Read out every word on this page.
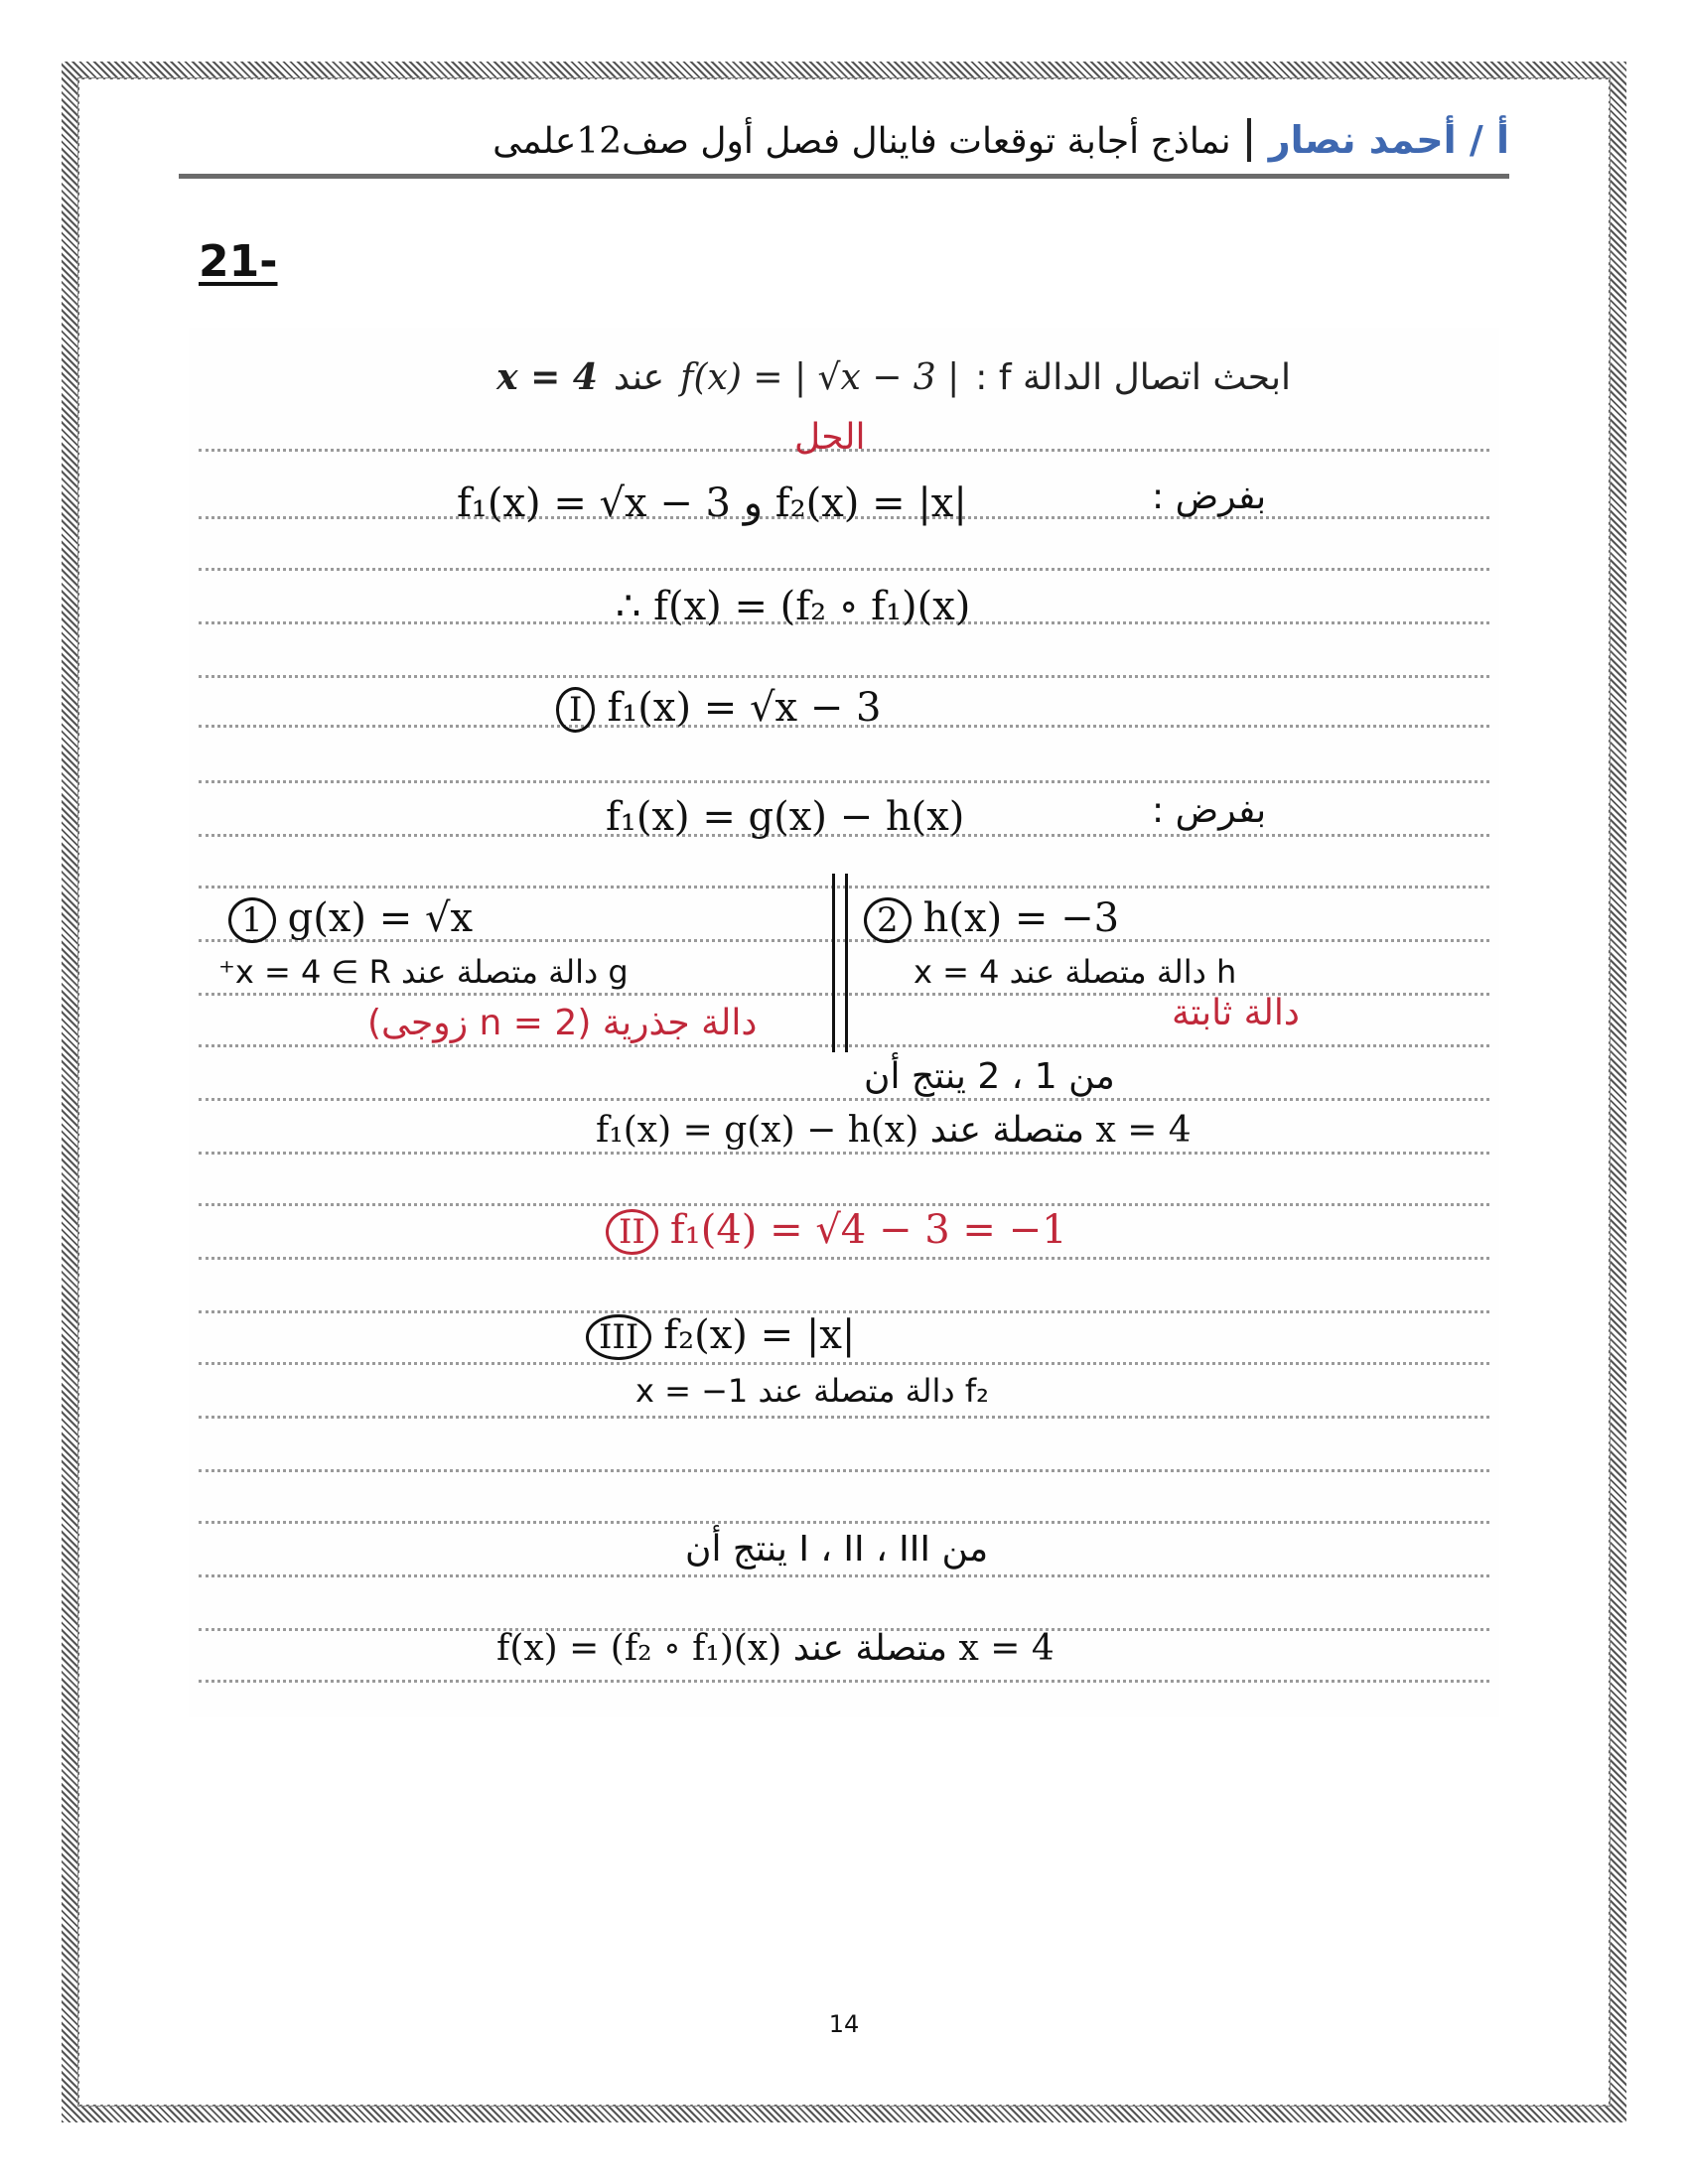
أ / أحمد نصار
نماذج أجابة توقعات فاينال فصل أول صف12علمى
21-
ابحث اتصال الدالة f :
f(x) = | √x − 3 |
عند
x = 4
الحل
بفرض :
f₁(x) = √x − 3 و f₂(x) = |x|
∴ f(x) = (f₂ ∘ f₁)(x)
I f₁(x) = √x − 3
بفرض :
f₁(x) = g(x) − h(x)
1 g(x) = √x
g دالة متصلة عند x = 4 ∈ R⁺
دالة جذرية (n = 2 زوجى)
2 h(x) = −3
h دالة متصلة عند x = 4
دالة ثابتة
من 1 ، 2 ينتج أن
f₁(x) = g(x) − h(x) متصلة عند x = 4
II f₁(4) = √4 − 3 = −1
III f₂(x) = |x|
f₂ دالة متصلة عند x = −1
من I ، II ، III ينتج أن
f(x) = (f₂ ∘ f₁)(x) متصلة عند x = 4
14
